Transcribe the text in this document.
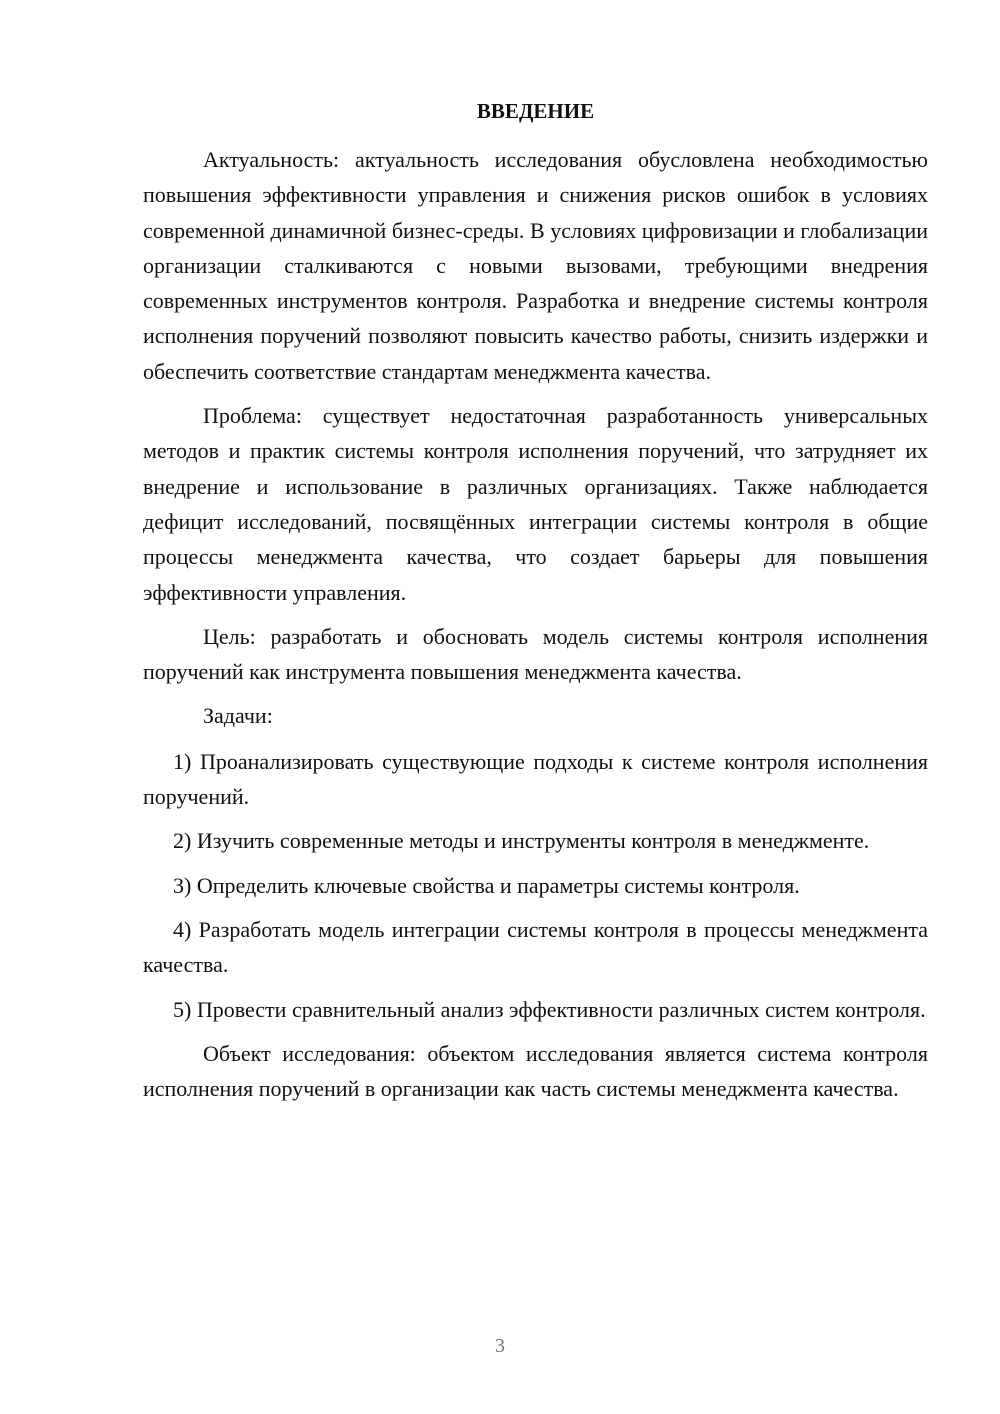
ВВЕДЕНИЕ

Актуальность: актуальность исследования обусловлена необходимостью повышения эффективности управления и снижения рисков ошибок в условиях современной динамичной бизнес-среды. В условиях цифровизации и глобализации организации сталкиваются с новыми вызовами, требующими внедрения современных инструментов контроля. Разработка и внедрение системы контроля исполнения поручений позволяют повысить качество работы, снизить издержки и обеспечить соответствие стандартам менеджмента качества.

Проблема: существует недостаточная разработанность универсальных методов и практик системы контроля исполнения поручений, что затрудняет их внедрение и использование в различных организациях. Также наблюдается дефицит исследований, посвящённых интеграции системы контроля в общие процессы менеджмента качества, что создает барьеры для повышения эффективности управления.

Цель: разработать и обосновать модель системы контроля исполнения поручений как инструмента повышения менеджмента качества.

Задачи:

1) Проанализировать существующие подходы к системе контроля исполнения поручений.

2) Изучить современные методы и инструменты контроля в менеджменте.

3) Определить ключевые свойства и параметры системы контроля.

4) Разработать модель интеграции системы контроля в процессы менеджмента качества.

5) Провести сравнительный анализ эффективности различных систем контроля.

Объект исследования: объектом исследования является система контроля исполнения поручений в организации как часть системы менеджмента качества.

3
